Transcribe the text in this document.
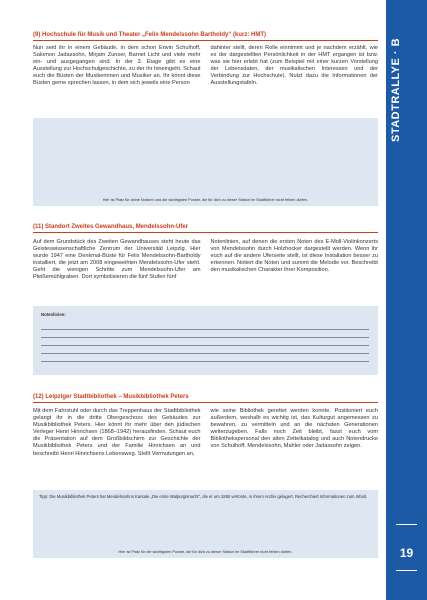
STADTRALLYE · B
19
(9) Hochschule für Musik und Theater „Felix Mendelssohn Bartholdy“ (kurz: HMT)
Nun seid ihr in einem Gebäude, in dem schon Erwin Schulhoff, Salomon Jadassohn, Mirjam Zunser, Barnet Licht und viele mehr ein- und ausgegangen sind. In der 3. Etage gibt es eine Ausstellung zur Hochschulgeschichte, zu der ihr hineingeht. Schaut euch die Büsten der Musikerinnen und Musiker an. Ihr könnt diese Büsten gerne sprechen lassen, in dem sich jeweils eine Person
dahinter stellt, deren Rolle einnimmt und je nachdem erzählt, wie es der dargestellten Persönlichkeit in der HMT ergangen ist bzw. was sie hier erlebt hat (zum Beispiel mit einer kurzen Vorstellung der Lebensdaten, der musikalischen Interessen und der Verbindung zur Hochschule). Nutzt dazu die Informationen der Ausstellungstafeln.
Hier ist Platz für deine Notizen und die wichtigsten Punkte, die für dich zu dieser Station im Stadtführer nicht fehlen dürfen.
(11) Standort Zweites Gewandhaus, Mendelssohn-Ufer
Auf dem Grundstück des Zweiten Gewandhauses steht heute das Geisteswissenschaftliche Zentrum der Universität Leipzig. Hier wurde 1947 eine Denkmal-Büste für Felix Mendelssohn-Bartholdy installiert, die jetzt am 2008 eingeweihten Mendelssohn-Ufer steht. Geht die wenigen Schritte zum Mendelssohn-Ufer am Pleißemühlgraben. Dort symbolisieren die fünf Stufen fünf
Notenlinien, auf denen die ersten Noten des E-Moll-Violinkonzerts von Mendelssohn durch Holzhocker dargestellt werden. Wenn ihr euch auf die andere Uferseite stellt, ist diese Installation besser zu erkennen. Notiert die Noten und summt die Melodie vor. Beschreibt den musikalischen Charakter ihrer Komposition.
Notenlinien:
(12) Leipziger Stadtbibliothek – Musikbibliothek Peters
Mit dem Fahrstuhl oder durch das Treppenhaus der Stadtbibliothek gelangt ihr in die dritte Obergeschoss des Gebäudes zur Musikbibliothek Peters. Hier könnt ihr mehr über den jüdischen Verleger Henri Hinrichsen (1868–1942) herausfinden. Schaut euch die Präsentation auf dem Großbildschirm zur Geschichte der Musikbibliothek Peters und der Familie Hinrichsen an und beschreibt Henri Hinrichsens Lebensweg. Stellt Vermutungen an,
wie seine Bibliothek gerettet werden konnte. Positioniert euch außerdem, weshalb es wichtig ist, das Kulturgut angemessen zu bewahren, zu vermitteln und an die nächsten Generationen weiterzugeben. Falls noch Zeit bleibt, fasst euch vom Bibliothekspersonal den alten Zettelkatalog und auch Notendrucke von Schulhoff, Mendelssohn, Mahler oder Jadassohn zeigen.
Tipp: Die Musikbibliothek Peters hat Mendelssohns Kantate „Die erste Walpurgisnacht“, die er um 1850 vertonte, in ihrem Archiv gelagert. Recherchiert Informationen zum Inhalt.
Hier ist Platz für die wichtigsten Punkte, die für dich zu dieser Station im Stadtführer nicht fehlen dürfen.
